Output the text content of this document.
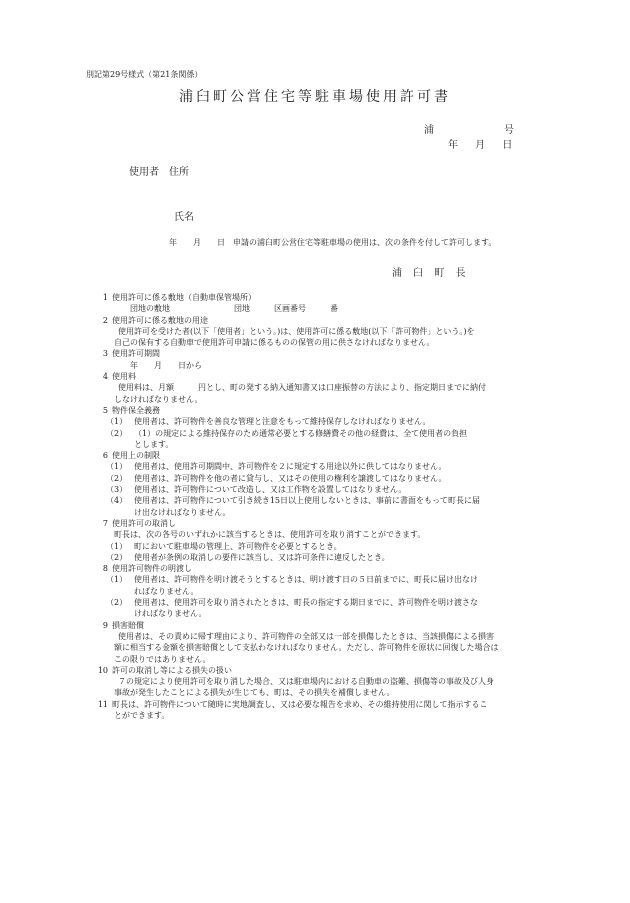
別記第29号様式（第21条関係）
浦臼町公営住宅等駐車場使用許可書
浦	号
年 月 日
使用者　住所
氏名
年　　月　　日　申請の浦臼町公営住宅等駐車場の使用は、次の条件を付して許可します。
浦 臼 町 長
1 使用許可に係る敷地（自動車保管場所）
団地の敷地　　　　　　　　団地　　　区画番号　　　番
2 使用許可に係る敷地の用途
使用許可を受けた者(以下「使用者」という。)は、使用許可に係る敷地(以下「許可物件」という。)を
自己の保有する自動車で使用許可申請に係るものの保管の用に供さなければなりません。
3 使用許可期間
年　　月　　日から
4 使用料
使用料は、月額　　　円とし、町の発する納入通知書又は口座振替の方法により、指定期日までに納付
しなければなりません。
5 物件保全義務
（1） 使用者は、許可物件を善良な管理と注意をもって維持保存しなければなりません。
（2） （1）の規定による維持保存のため通常必要とする修繕費その他の経費は、全て使用者の負担
とします。
6 使用上の制限
（1） 使用者は、使用許可期間中、許可物件を２に規定する用途以外に供してはなりません。
（2） 使用者は、許可物件を他の者に貸与し、又はその使用の権利を譲渡してはなりません。
（3） 使用者は、許可物件について改造し、又は工作物を設置してはなりません。
（4） 使用者は、許可物件について引き続き15日以上使用しないときは、事前に書面をもって町長に届
け出なければなりません。
7 使用許可の取消し
町長は、次の各号のいずれかに該当するときは、使用許可を取り消すことができます。
（1） 町において駐車場の管理上、許可物件を必要とするとき。
（2） 使用者が条例の取消しの要件に該当し、又は許可条件に違反したとき。
8 使用許可物件の明渡し
（1） 使用者は、許可物件を明け渡そうとするときは、明け渡す日の５日前までに、町長に届け出なけ
ればなりません。
（2） 使用者は、使用許可を取り消されたときは、町長の指定する期日までに、許可物件を明け渡さな
ければなりません。
9 損害賠償
使用者は、その責めに帰す理由により、許可物件の全部又は一部を損傷したときは、当該損傷による損害
額に相当する金額を損害賠償として支払わなければなりません。ただし、許可物件を原状に回復した場合は
この限りではありません。
10 許可の取消し等による損失の扱い
７の規定により使用許可を取り消した場合、又は駐車場内における自動車の盗難、損傷等の事故及び人身
事故が発生したことによる損失が生じても、町は、その損失を補償しません。
11 町長は、許可物件について随時に実地調査し、又は必要な報告を求め、その維持使用に関して指示するこ
とができます。
